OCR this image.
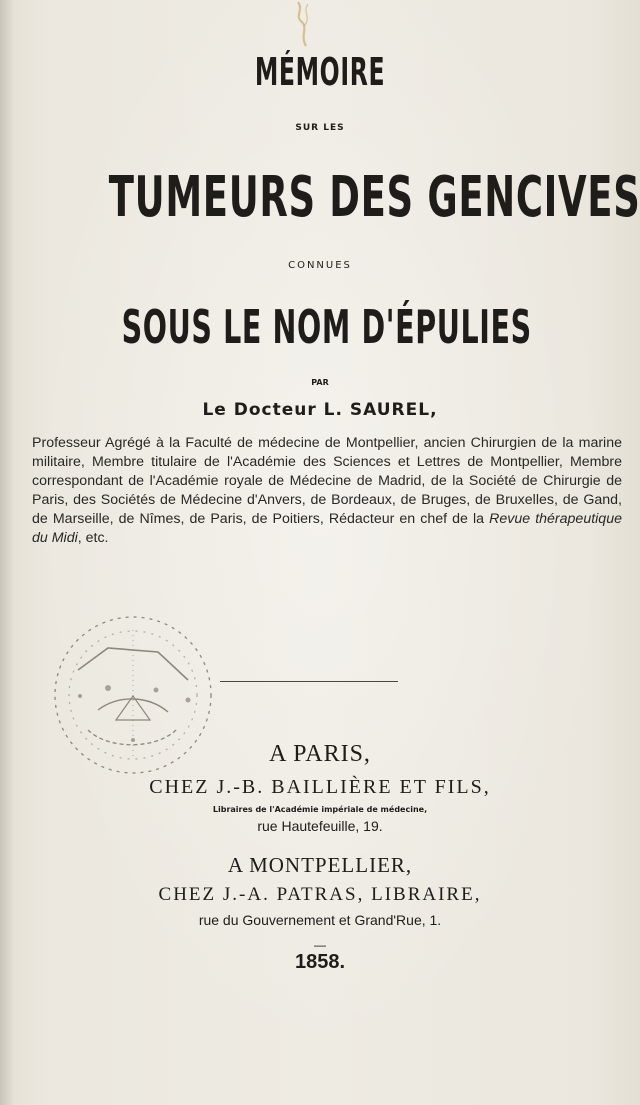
MÉMOIRE
SUR LES
TUMEURS DES GENCIVES
CONNUES
SOUS LE NOM D'ÉPULIES
PAR
Le Docteur L. SAUREL,
Professeur Agrégé à la Faculté de médecine de Montpellier, ancien Chirurgien de la marine militaire, Membre titulaire de l'Académie des Sciences et Lettres de Montpellier, Membre correspondant de l'Académie royale de Médecine de Madrid, de la Société de Chirurgie de Paris, des Sociétés de Médecine d'Anvers, de Bordeaux, de Bruges, de Bruxelles, de Gand, de Marseille, de Nîmes, de Paris, de Poitiers, Rédacteur en chef de la Revue thérapeutique du Midi, etc.
A PARIS,
CHEZ J.-B. BAILLIÈRE ET FILS,
Libraires de l'Académie impériale de médecine,
rue Hautefeuille, 19.
A MONTPELLIER,
CHEZ J.-A. PATRAS, LIBRAIRE,
rue du Gouvernement et Grand'Rue, 1.
—
1858.
